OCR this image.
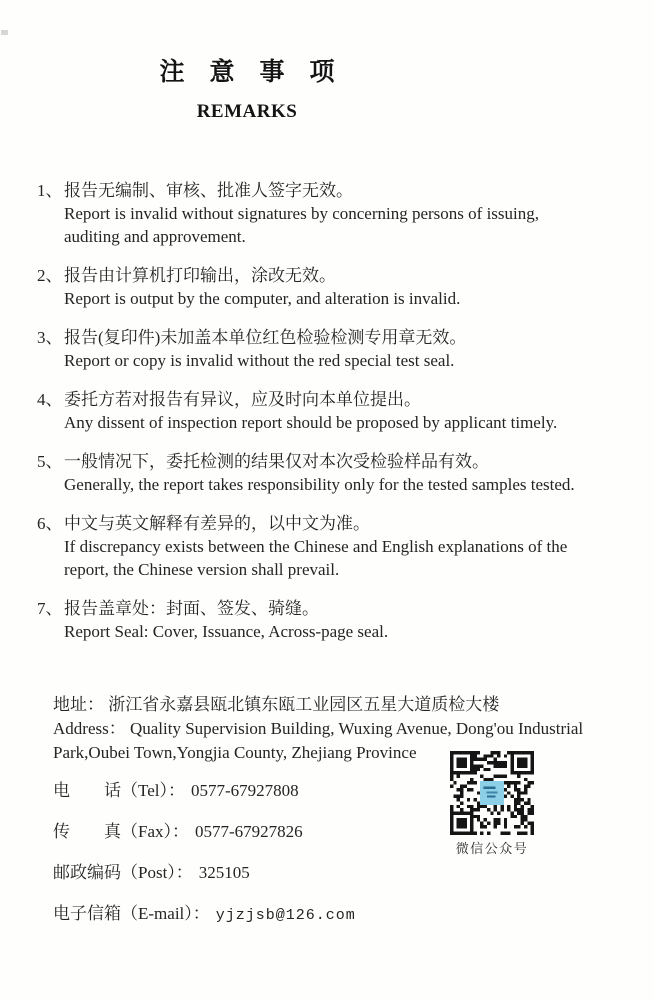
注　意　事　项
REMARKS
1、 报告无编制、审核、批准人签字无效。
Report is invalid without signatures by concerning persons of issuing,
auditing and approvement.
2、 报告由计算机打印输出，涂改无效。
Report is output by the computer, and alteration is invalid.
3、 报告(复印件)未加盖本单位红色检验检测专用章无效。
Report or copy is invalid without the red special test seal.
4、 委托方若对报告有异议，应及时向本单位提出。
Any dissent of inspection report should be proposed by applicant timely.
5、 一般情况下，委托检测的结果仅对本次受检验样品有效。
Generally, the report takes responsibility only for the tested samples tested.
6、 中文与英文解释有差异的，以中文为准。
If discrepancy exists between the Chinese and English explanations of the
report, the Chinese version shall prevail.
7、 报告盖章处：封面、签发、骑缝。
Report Seal: Cover, Issuance, Across-page seal.
地址： 浙江省永嘉县瓯北镇东瓯工业园区五星大道质检大楼
Address： Quality Supervision Building, Wuxing Avenue, Dong'ou Industrial
Park,Oubei Town,Yongjia County, Zhejiang Province
电　　话（Tel）： 0577-67927808
传　　真（Fax）： 0577-67927826
邮政编码（Post）： 325105
电子信箱（E-mail）： yjzjsb@126.com
微信公众号
